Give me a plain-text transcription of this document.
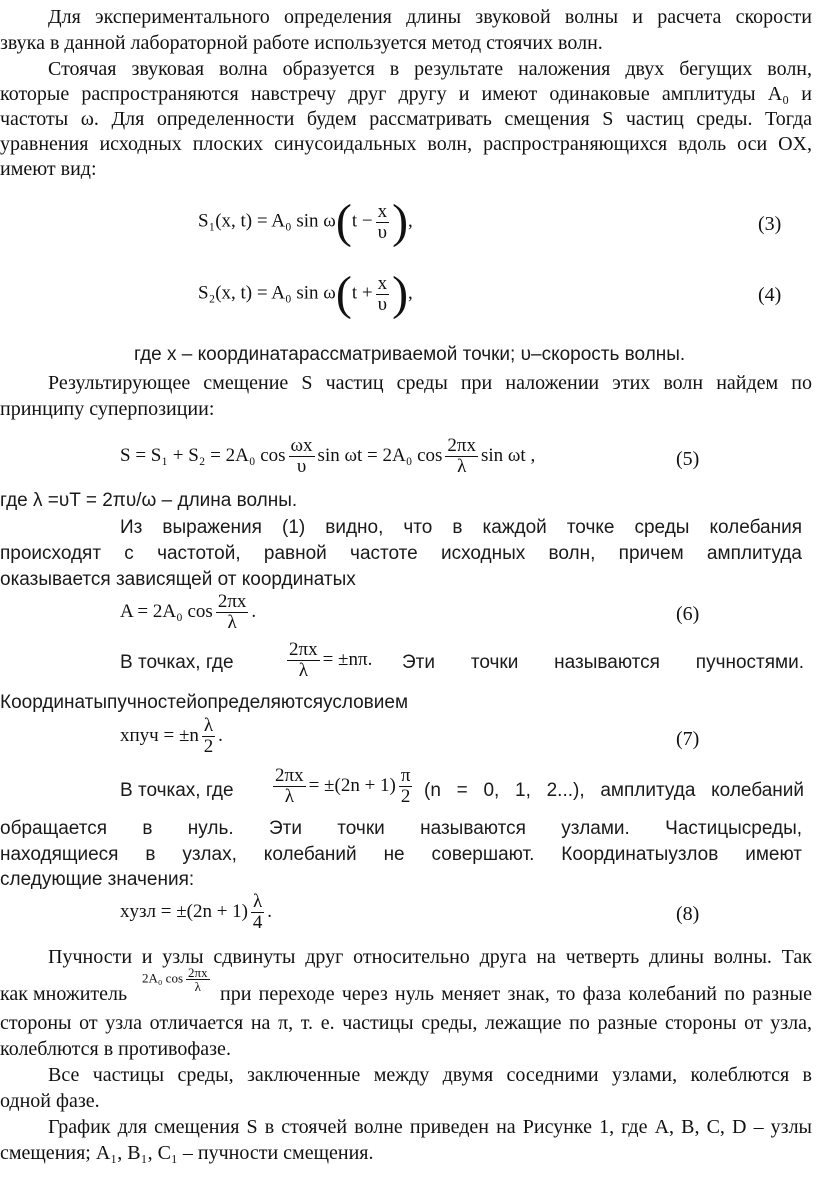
Для экспериментального определения длины звуковой волны и расчета скорости
звука в данной лабораторной работе используется метод стоячих волн.
Стоячая звуковая волна образуется в результате наложения двух бегущих волн,
которые распространяются навстречу друг другу и имеют одинаковые амплитуды A₀ и
частоты ω. Для определенности будем рассматривать смещения S частиц среды. Тогда
уравнения исходных плоских синусоидальных волн, распространяющихся вдоль оси OX,
имеют вид:
S₁(x, t) = A₀ $\sin \omega(t - \frac{x}{\upsilon}$ ),	(3)
S₂(x, t) = A₀ $\sin \omega(t + \frac{x}{\upsilon}$ ),	(4)
где x – координатарассматриваемой точки; υ–скорость волны.
Результирующее смещение S частиц среды при наложении этих волн найдем по
принципу суперпозиции:
S = S₁ + S₂ = 2A₀ $\cos \frac{\omega x}{\upsilon}$ sin ωt = 2A₀ $\cos \frac{2\pi x}{\lambda}$ sin ωt ,	(5)
где λ =υT = 2πυ/ω – длина волны.
Из выражения (1) видно, что в каждой точке среды колебания
происходят с частотой, равной частоте исходных волн, причем амплитуда
оказывается зависящей от координатыx
A = 2A₀ $\cos \frac{2\pi x}{\lambda}$ .	(6)
В точках, где	$\frac{2\pi x}{\lambda} = \pm n\pi$. Эти точки называются пучностями.
Координатыпучностейопределяютсяусловием
xпуч = $\pm n \frac{\lambda}{2}$ .	(7)
В точках, где $\frac{2\pi x}{\lambda} = \pm(2n + 1) \frac{\pi}{2} (n = 0$, 1, 2...), амплитуда колебаний
обращается в нуль. Эти точки называются узлами. Частицысреды,
находящиеся в узлах, колебаний не совершают. Координатыузлов имеют
следующие значения:
xузл = $\pm(2n + 1) \frac{\lambda}{4}$ .	(8)
Пучности и узлы сдвинуты друг относительно друга на четверть длины волны. Так
как множитель
2A₀ $\cos \frac{2\pi x}{\lambda}$
при переходе через нуль меняет знак, то фаза колебаний по разные
стороны от узла отличается на π, т. е. частицы среды, лежащие по разные стороны от узла,
колеблются в противофазе.
Все частицы среды, заключенные между двумя соседними узлами, колеблются в
одной фазе.
График для смещения S в стоячей волне приведен на Рисунке 1, где A, B, C, D – узлы
смещения; A₁, B₁, C₁ – пучности смещения.
